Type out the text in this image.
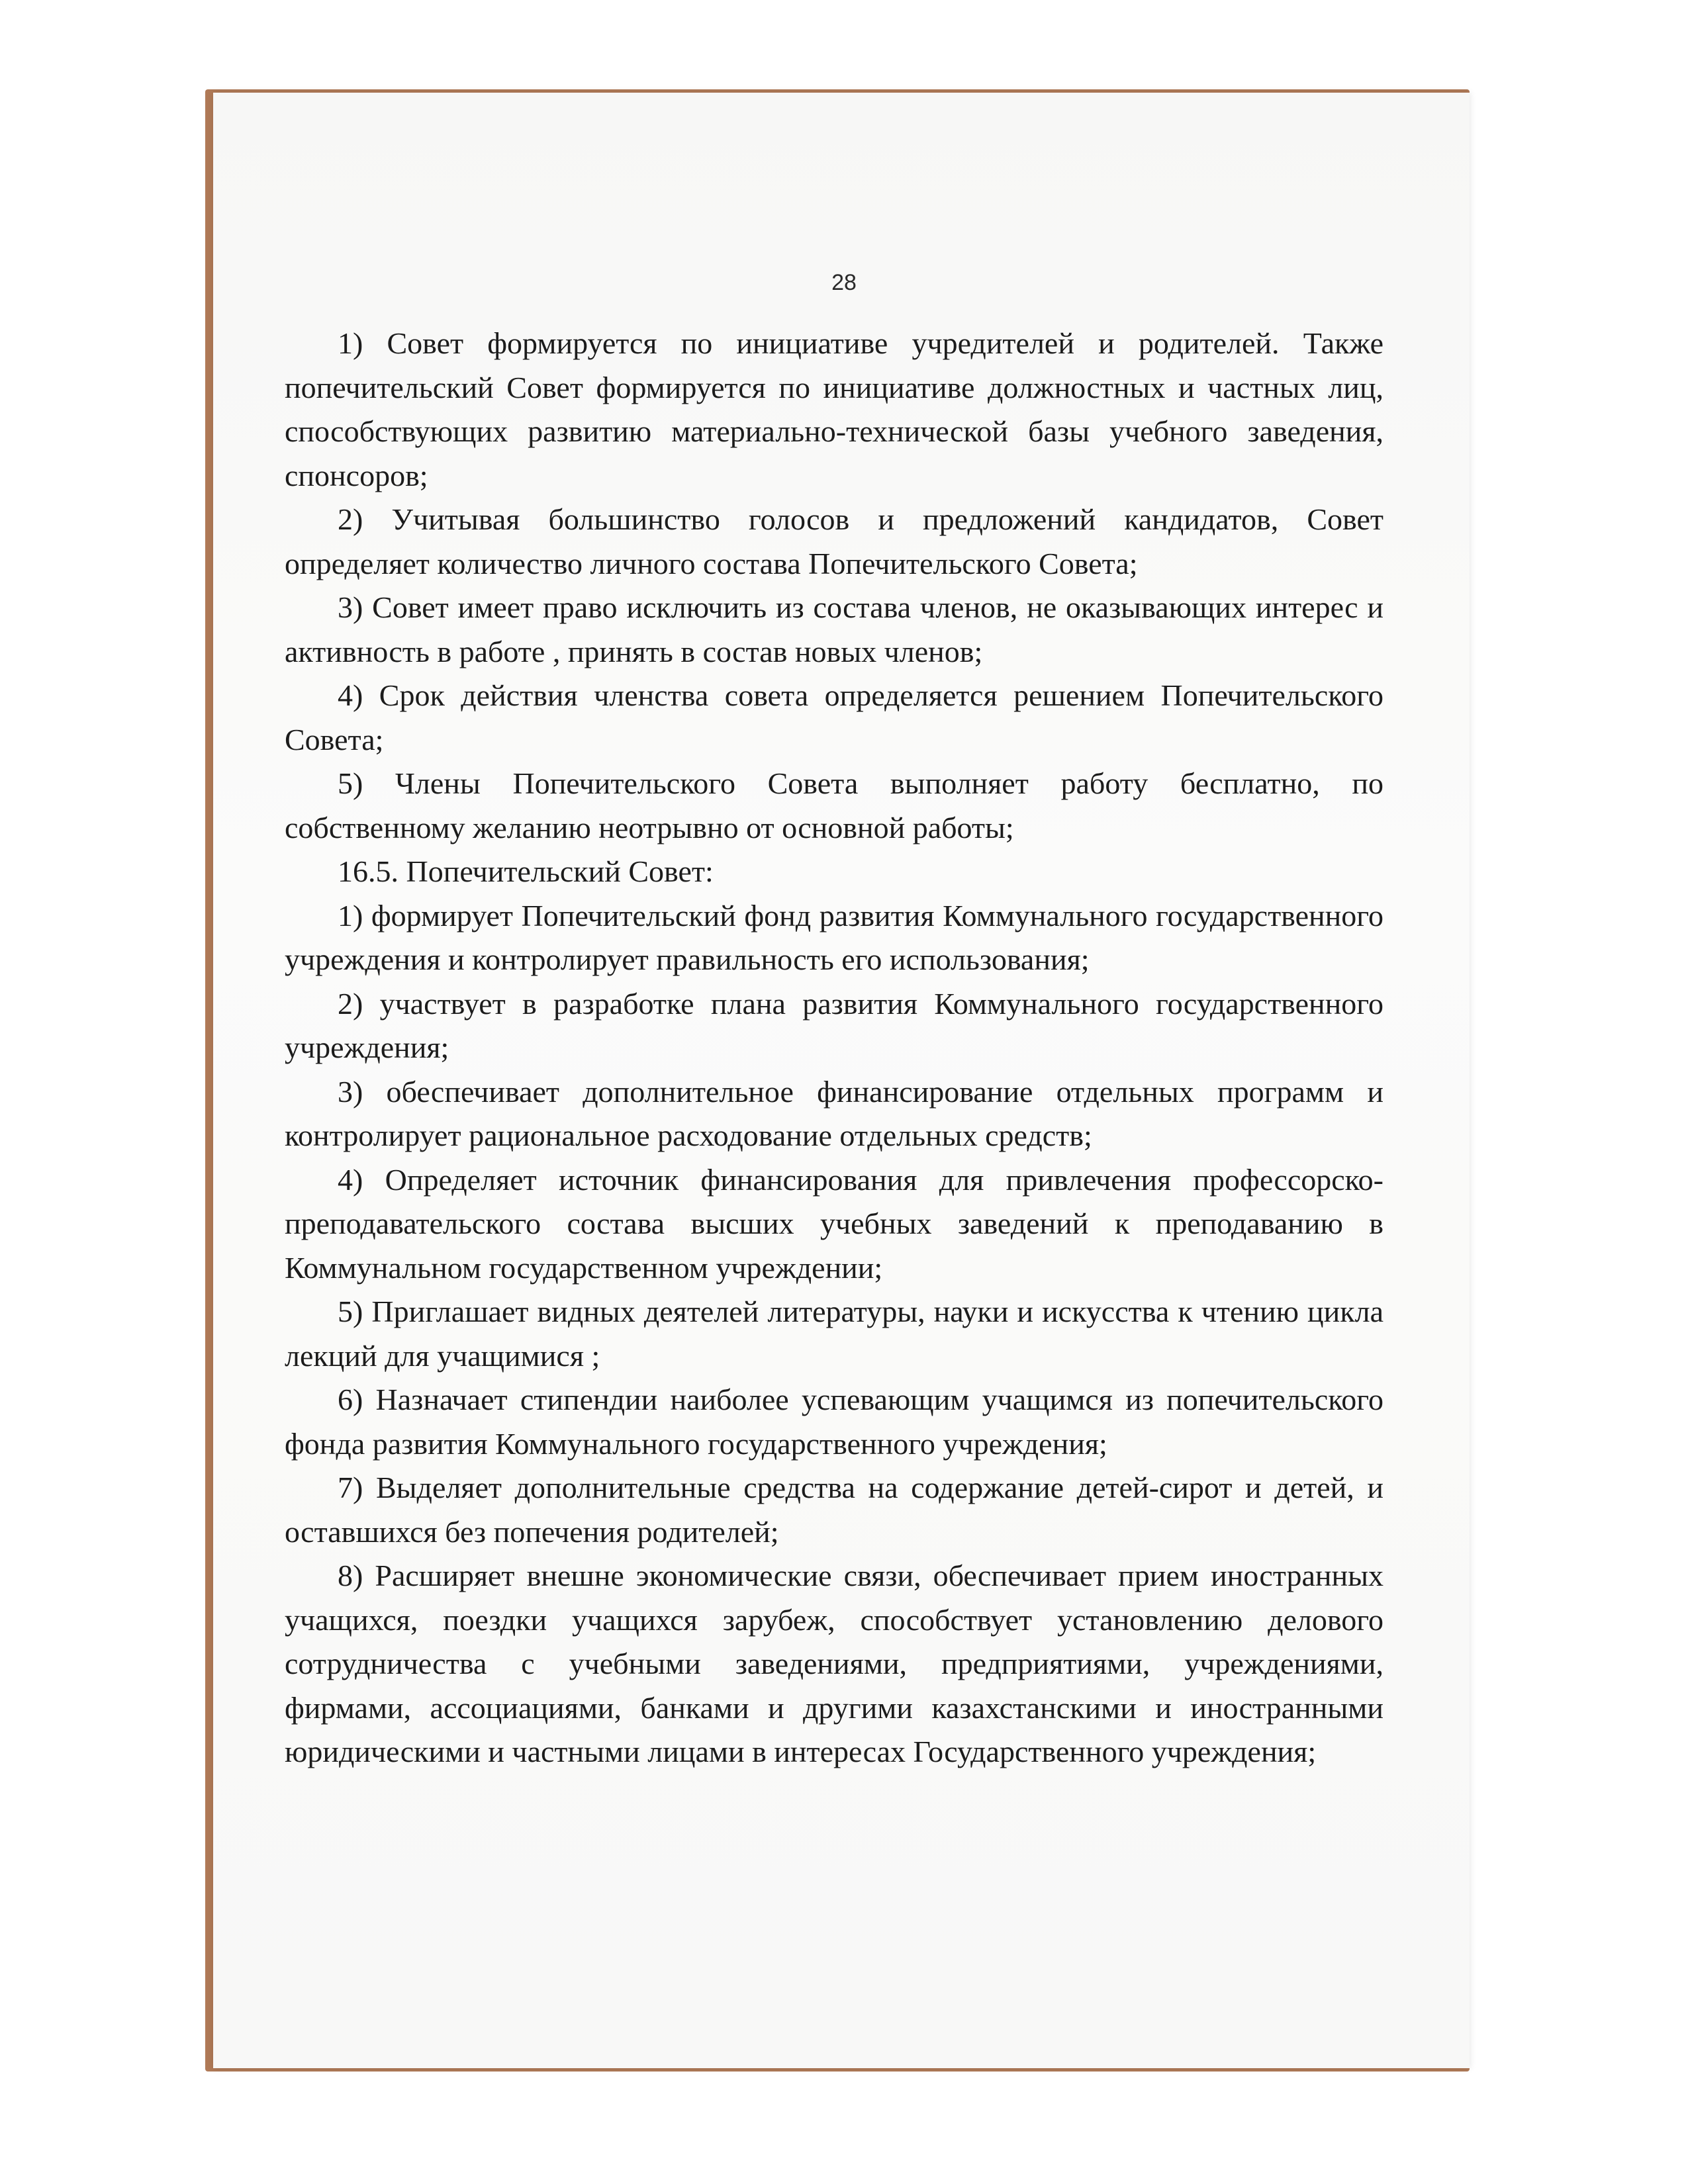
28

1) Совет формируется по инициативе учредителей и родителей. Также попечительский Совет формируется по инициативе должностных и частных лиц, способствующих развитию материально-технической базы учебного заведения, спонсоров;

2) Учитывая большинство голосов и предложений кандидатов, Совет определяет количество личного состава Попечительского Совета;

3) Совет имеет право исключить из состава членов, не оказывающих интерес и активность в работе , принять в состав новых членов;

4) Срок действия членства совета определяется решением Попечительского Совета;

5) Члены Попечительского Совета выполняет работу бесплатно, по собственному желанию неотрывно от основной работы;

16.5. Попечительский Совет:

1) формирует Попечительский фонд развития Коммунального государственного учреждения и контролирует правильность его использования;

2) участвует в разработке плана развития Коммунального государственного учреждения;

3) обеспечивает дополнительное финансирование отдельных программ и контролирует рациональное расходование отдельных средств;

4) Определяет источник финансирования для привлечения профессорско-преподавательского состава высших учебных заведений к преподаванию в Коммунальном государственном учреждении;

5) Приглашает видных деятелей литературы, науки и искусства к чтению цикла лекций для учащимися ;

6) Назначает стипендии наиболее успевающим учащимся из попечительского фонда развития Коммунального государственного учреждения;

7) Выделяет дополнительные средства на содержание детей-сирот и детей, и оставшихся без попечения родителей;

8) Расширяет внешне экономические связи, обеспечивает прием иностранных учащихся, поездки учащихся зарубеж, способствует установлению делового сотрудничества с учебными заведениями, предприятиями, учреждениями, фирмами, ассоциациями, банками и другими казахстанскими и иностранными юридическими и частными лицами в интересах Государственного учреждения;
